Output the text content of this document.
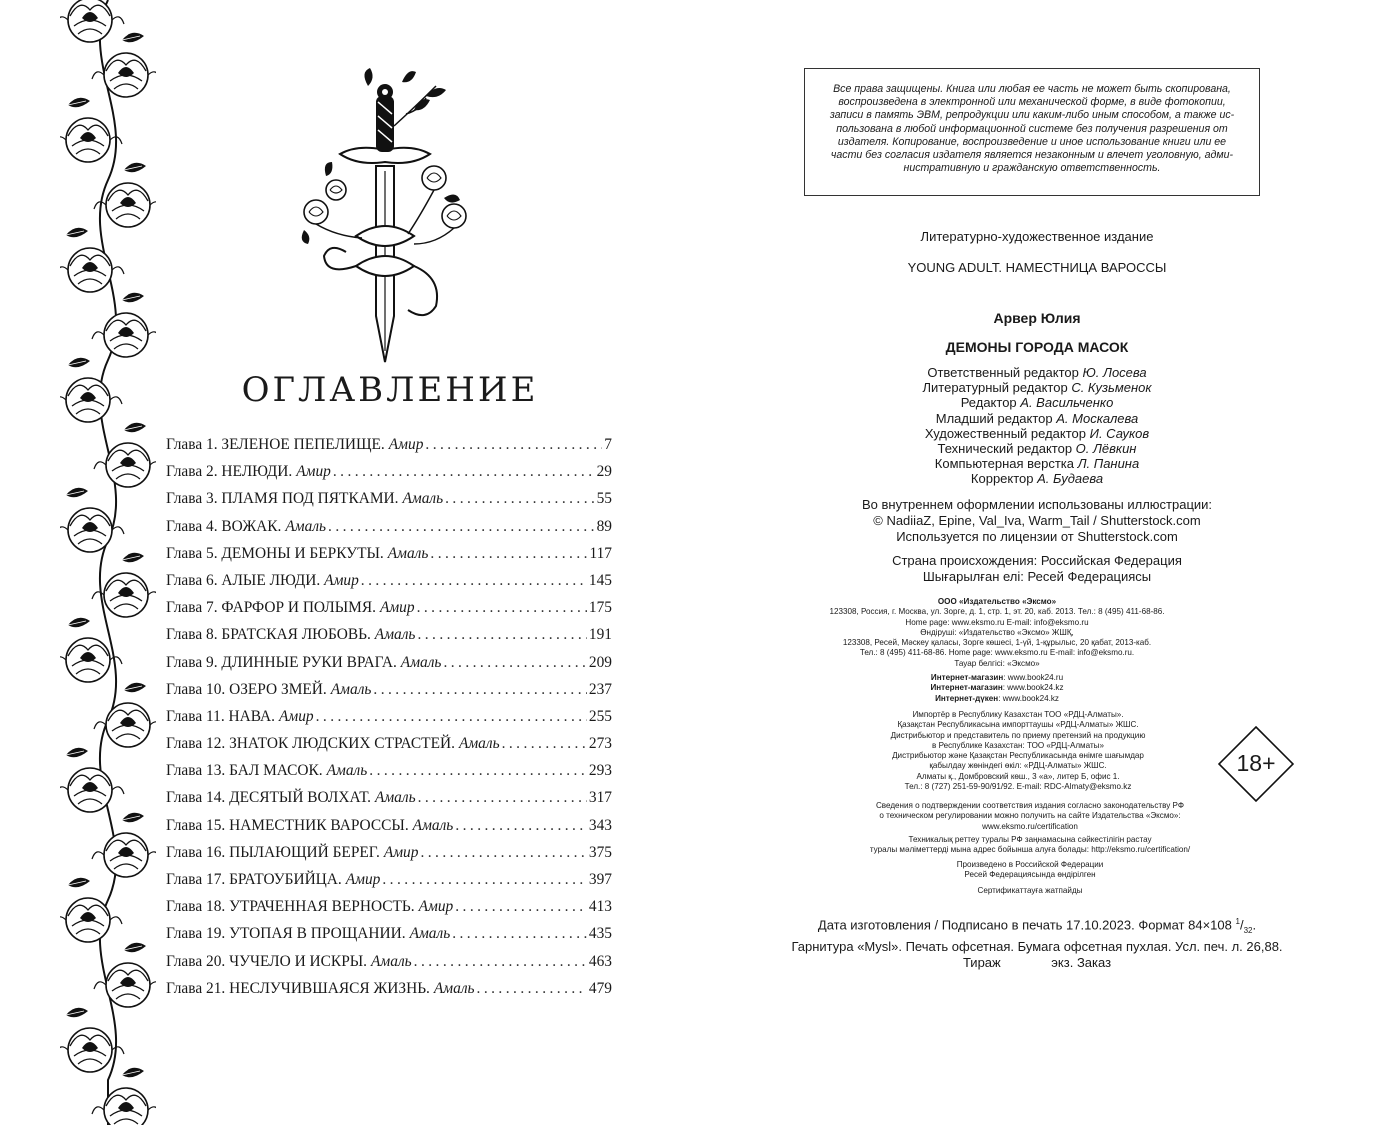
ОГЛАВЛЕНИЕ
Глава 1. ЗЕЛЕНОЕ ПЕПЕЛИЩЕ. Амир . . .	7
Глава 2. НЕЛЮДИ. Амир . . .	29
Глава 3. ПЛАМЯ ПОД ПЯТКАМИ. Амаль . . .	55
Глава 4. ВОЖАК. Амаль . . .	89
Глава 5. ДЕМОНЫ И БЕРКУТЫ. Амаль . . .	117
Глава 6. АЛЫЕ ЛЮДИ. Амир . . .	145
Глава 7. ФАРФОР И ПОЛЫМЯ. Амир . . .	175
Глава 8. БРАТСКАЯ ЛЮБОВЬ. Амаль . . .	191
Глава 9. ДЛИННЫЕ РУКИ ВРАГА. Амаль . . .	209
Глава 10. ОЗЕРО ЗМЕЙ. Амаль . . .	237
Глава 11. НАВА. Амир . . .	255
Глава 12. ЗНАТОК ЛЮДСКИХ СТРАСТЕЙ. Амаль . . .	273
Глава 13. БАЛ МАСОК. Амаль . . .	293
Глава 14. ДЕСЯТЫЙ ВОЛХАТ. Амаль . . .	317
Глава 15. НАМЕСТНИК ВАРОССЫ. Амаль . . .	343
Глава 16. ПЫЛАЮЩИЙ БЕРЕГ. Амир . . .	375
Глава 17. БРАТОУБИЙЦА. Амир . . .	397
Глава 18. УТРАЧЕННАЯ ВЕРНОСТЬ. Амир . . .	413
Глава 19. УТОПАЯ В ПРОЩАНИИ. Амаль . . .	435
Глава 20. ЧУЧЕЛО И ИСКРЫ. Амаль . . .	463
Глава 21. НЕСЛУЧИВШАЯСЯ ЖИЗНЬ. Амаль . . .	479
Все права защищены. Книга или любая ее часть не может быть скопирована,
воспроизведена в электронной или механической форме, в виде фотокопии,
записи в память ЭВМ, репродукции или каким-либо иным способом, а также ис-
пользована в любой информационной системе без получения разрешения от
издателя. Копирование, воспроизведение и иное использование книги или ее
части без согласия издателя является незаконным и влечет уголовную, адми-
нистративную и гражданскую ответственность.
Литературно-художественное издание
YOUNG ADULT. НАМЕСТНИЦА ВАРОССЫ
Арвер Юлия
ДЕМОНЫ ГОРОДА МАСОК
Ответственный редактор Ю. Лосева
Литературный редактор С. Кузьменок
Редактор А. Васильченко
Младший редактор А. Москалева
Художественный редактор И. Сауков
Технический редактор О. Лёвкин
Компьютерная верстка Л. Панина
Корректор А. Будаева
Во внутреннем оформлении использованы иллюстрации:
© NadiiaZ, Epine, Val_Iva, Warm_Tail / Shutterstock.com
Используется по лицензии от Shutterstock.com
Страна происхождения: Российская Федерация
Шығарылған елі: Ресей Федерациясы
ООО «Издательство «Эксмо»
123308, Россия, г. Москва, ул. Зорге, д. 1, стр. 1, эт. 20, каб. 2013. Тел.: 8 (495) 411-68-86.
Home page: www.eksmo.ru E-mail: info@eksmo.ru
Өндіруші: «Издательство «Эксмо» ЖШҚ,
123308, Ресей, Мәскеу қаласы, Зорге көшесі, 1-үй, 1-құрылыс, 20 қабат, 2013-каб.
Тел.: 8 (495) 411-68-86. Home page: www.eksmo.ru E-mail: info@eksmo.ru.
Тауар белгісі: «Эксмо»
Интернет-магазин: www.book24.ru
Интернет-магазин: www.book24.kz
Интернет-дүкен: www.book24.kz
Импортёр в Республику Казахстан ТОО «РДЦ-Алматы».
Қазақстан Республикасына импорттаушы «РДЦ-Алматы» ЖШС.
Дистрибьютор и представитель по приему претензий на продукцию
в Республике Казахстан: ТОО «РДЦ-Алматы»
Дистрибьютор және Қазақстан Республикасында өнімге шағымдар
қабылдау жөніндегі өкіл: «РДЦ-Алматы» ЖШС.
Алматы қ., Домбровский көш., 3 «а», литер Б, офис 1.
Тел.: 8 (727) 251-59-90/91/92. E-mail: RDC-Almaty@eksmo.kz
Сведения о подтверждении соответствия издания согласно законодательству РФ
о техническом регулировании можно получить на сайте Издательства «Эксмо»:
www.eksmo.ru/certification
Техникалық реттеу туралы РФ заңнамасына сәйкестілігін растау
туралы мәліметтерді мына адрес бойынша алуға болады: http://eksmo.ru/certification/
Произведено в Российской Федерации
Ресей Федерациясында өндірілген
Сертификаттауға жатпайды
18+
Дата изготовления / Подписано в печать 17.10.2023. Формат 84×108 $^1/_{32}$.
Гарнитура «Mysl». Печать офсетная. Бумага офсетная пухлая. Усл. печ. л. 26,88.
Тираж              экз. Заказ
